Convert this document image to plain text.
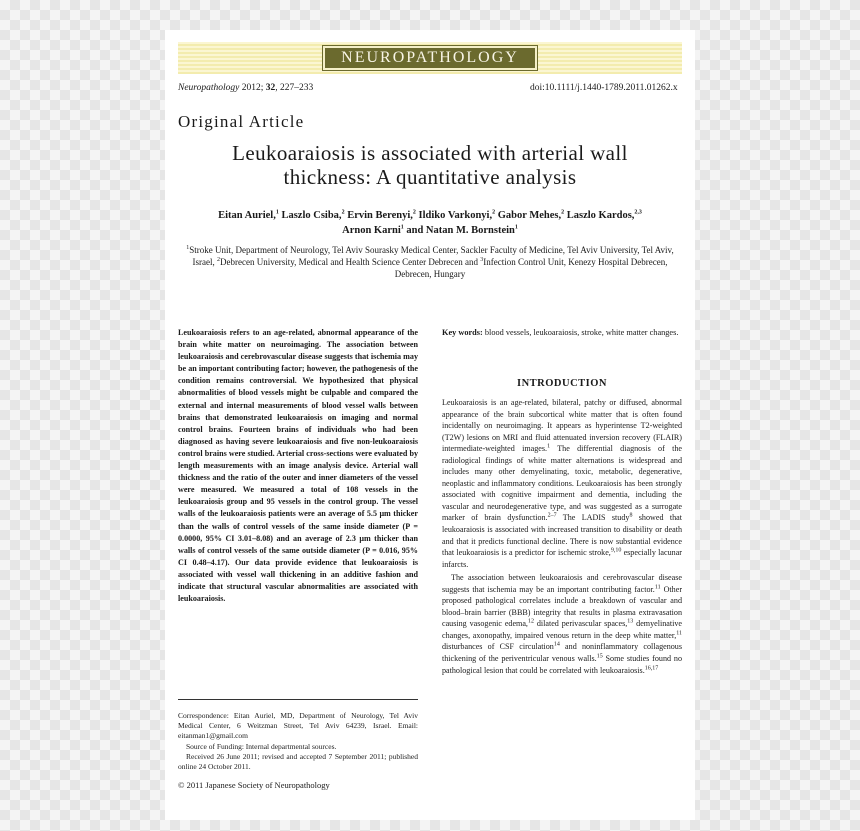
NEUROPATHOLOGY
Neuropathology 2012; 32, 227–233	doi:10.1111/j.1440-1789.2011.01262.x
Original Article
Leukoaraiosis is associated with arterial wall
thickness: A quantitative analysis
Eitan Auriel,$^1$ Laszlo Csiba,$^2$ Ervin Berenyi,$^2$ Ildiko Varkonyi,$^2$ Gabor Mehes,$^2$ Laszlo Kardos,$^{2,3}$
Arnon Karni$^1$ and Natan M. Bornstein$^1$
$^1$Stroke Unit, Department of Neurology, Tel Aviv Sourasky Medical Center, Sackler Faculty of Medicine, Tel Aviv University, Tel Aviv, Israel, $^2$Debrecen University, Medical and Health Science Center Debrecen and $^3$Infection Control Unit, Kenezy Hospital Debrecen, Debrecen, Hungary
Leukoaraiosis refers to an age-related, abnormal appearance of the brain white matter on neuroimaging. The association between leukoaraiosis and cerebrovascular disease suggests that ischemia may be an important contributing factor; however, the pathogenesis of the condition remains controversial. We hypothesized that physical abnormalities of blood vessels might be culpable and compared the external and internal measurements of blood vessel walls between brains that demonstrated leukoaraiosis on imaging and normal control brains. Fourteen brains of individuals who had been diagnosed as having severe leukoaraiosis and five non-leukoaraiosis control brains were studied. Arterial cross-sections were evaluated by length measurements with an image analysis device. Arterial wall thickness and the ratio of the outer and inner diameters of the vessel were measured. We measured a total of 108 vessels in the leukoaraiosis group and 95 vessels in the control group. The vessel walls of the leukoaraiosis patients were an average of 5.5 μm thicker than the walls of control vessels of the same inside diameter (P = 0.0000, 95% CI 3.01–8.08) and an average of 2.3 μm thicker than walls of control vessels of the same outside diameter (P = 0.016, 95% CI 0.48–4.17). Our data provide evidence that leukoaraiosis is associated with vessel wall thickening in an additive fashion and indicate that structural vascular abnormalities are associated with leukoaraiosis.

Correspondence: Eitan Auriel, MD, Department of Neurology, Tel Aviv Medical Center, 6 Weitzman Street, Tel Aviv 64239, Israel. Email: eitanman1@gmail.com

Source of Funding: Internal departmental sources.

Received 26 June 2011; revised and accepted 7 September 2011; published online 24 October 2011.

© 2011 Japanese Society of Neuropathology
Key words: blood vessels, leukoaraiosis, stroke, white matter changes.
INTRODUCTION

Leukoaraiosis is an age-related, bilateral, patchy or diffused, abnormal appearance of the brain subcortical white matter that is often found incidentally on neuroimaging. It appears as hyperintense T2-weighted (T2W) lesions on MRI and fluid attenuated inversion recovery (FLAIR) intermediate-weighted images.$^1$ The differential diagnosis of the radiological findings of white matter alternations is widespread and includes many other demyelinating, toxic, metabolic, degenerative, neoplastic and inflammatory conditions. Leukoaraiosis has been strongly associated with cognitive impairment and dementia, including the vascular and neurodegenerative type, and was suggested as a surrogate marker of brain dysfunction.$^{2-7}$ The LADIS study$^8$ showed that leukoaraiosis is associated with increased transition to disability or death and that it predicts functional decline. There is now substantial evidence that leukoaraiosis is a predictor for ischemic stroke,$^{9,10}$ especially lacunar infarcts.

The association between leukoaraiosis and cerebrovascular disease suggests that ischemia may be an important contributing factor.$^{11}$ Other proposed pathological correlates include a breakdown of vascular and blood–brain barrier (BBB) integrity that results in plasma extravasation causing vasogenic edema,$^{12}$ dilated perivascular spaces,$^{13}$ demyelinative changes, axonopathy, impaired venous return in the deep white matter,$^{11}$ disturbances of CSF circulation$^{14}$ and noninflammatory collagenous thickening of the periventricular venous walls.$^{15}$ Some studies found no pathological lesion that could be correlated with leukoaraiosis.$^{16,17}$
